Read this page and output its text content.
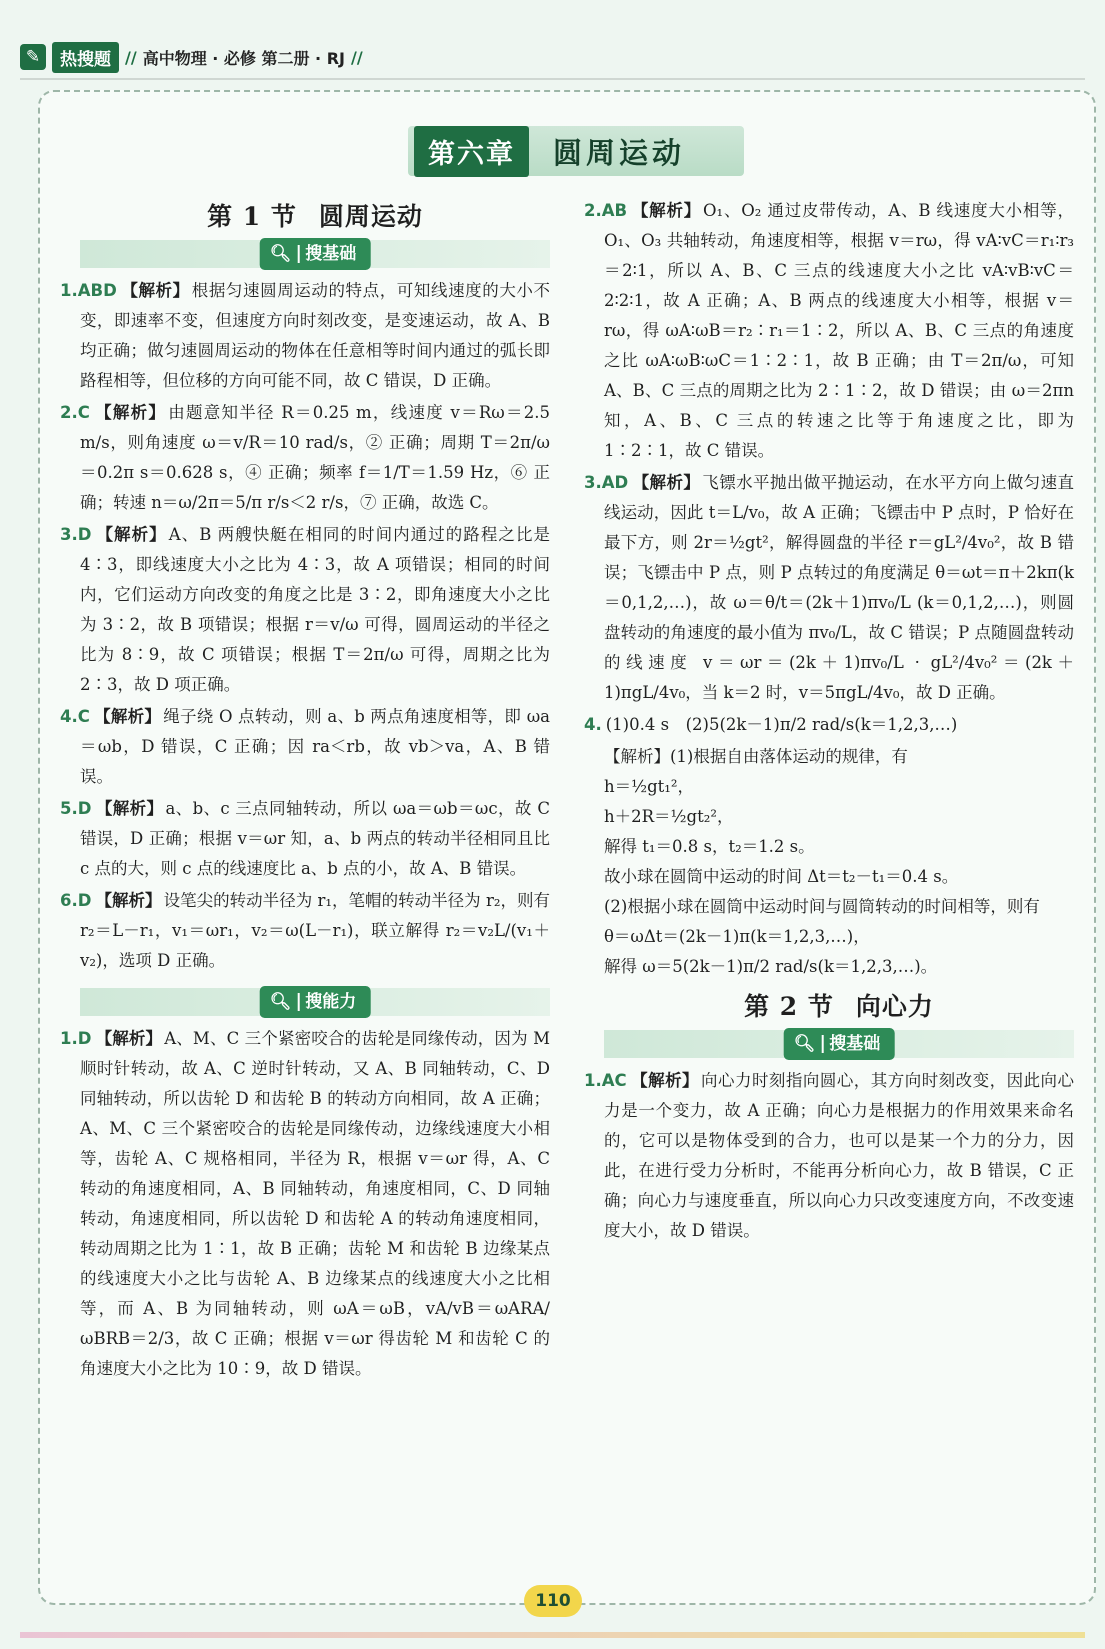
✎	热搜题 // 高中物理 · 必修 第二册 · RJ //
第六章	圆周运动
第 1 节 圆周运动
🔍︎ 搜基础
1.ABD 【解析】 根据匀速圆周运动的特点，可知线速度的大小不变，即速率不变，但速度方向时刻改变，是变速运动，故 A、B 均正确；做匀速圆周运动的物体在任意相等时间内通过的弧长即路程相等，但位移的方向可能不同，故 C 错误，D 正确。
2.C 【解析】 由题意知半径 R＝0.25 m，线速度 v＝Rω＝2.5 m/s，则角速度 ω＝v/R＝10 rad/s，② 正确；周期 T＝2π/ω＝0.2π s＝0.628 s，④ 正确；频率 f＝1/T＝1.59 Hz，⑥ 正确；转速 n＝ω/2π＝5/π r/s＜2 r/s，⑦ 正确，故选 C。
3.D 【解析】 A、B 两艘快艇在相同的时间内通过的路程之比是 4∶3，即线速度大小之比为 4∶3，故 A 项错误；相同的时间内，它们运动方向改变的角度之比是 3∶2，即角速度大小之比为 3∶2，故 B 项错误；根据 r＝v/ω 可得，圆周运动的半径之比为 8∶9，故 C 项错误；根据 T＝2π/ω 可得，周期之比为 2∶3，故 D 项正确。
4.C 【解析】 绳子绕 O 点转动，则 a、b 两点角速度相等，即 ωa＝ωb，D 错误，C 正确；因 ra＜rb，故 vb＞va，A、B 错误。
5.D 【解析】 a、b、c 三点同轴转动，所以 ωa＝ωb＝ωc，故 C 错误，D 正确；根据 v＝ωr 知，a、b 两点的转动半径相同且比 c 点的大，则 c 点的线速度比 a、b 点的小，故 A、B 错误。
6.D 【解析】 设笔尖的转动半径为 r₁，笔帽的转动半径为 r₂，则有 r₂＝L－r₁，v₁＝ωr₁，v₂＝ω(L－r₁)，联立解得 r₂＝v₂L/(v₁＋v₂)，选项 D 正确。
🔍︎ 搜能力
1.D 【解析】 A、M、C 三个紧密咬合的齿轮是同缘传动，因为 M 顺时针转动，故 A、C 逆时针转动，又 A、B 同轴转动，C、D 同轴转动，所以齿轮 D 和齿轮 B 的转动方向相同，故 A 正确；A、M、C 三个紧密咬合的齿轮是同缘传动，边缘线速度大小相等，齿轮 A、C 规格相同，半径为 R，根据 v＝ωr 得，A、C 转动的角速度相同，A、B 同轴转动，角速度相同，C、D 同轴转动，角速度相同，所以齿轮 D 和齿轮 A 的转动角速度相同，转动周期之比为 1∶1，故 B 正确；齿轮 M 和齿轮 B 边缘某点的线速度大小之比与齿轮 A、B 边缘某点的线速度大小之比相等，而 A、B 为同轴转动，则 ωA＝ωB，vA/vB＝ωARA/ωBRB＝2/3，故 C 正确；根据 v＝ωr 得齿轮 M 和齿轮 C 的角速度大小之比为 10∶9，故 D 错误。
2.AB 【解析】 O₁、O₂ 通过皮带传动，A、B 线速度大小相等，O₁、O₃ 共轴转动，角速度相等，根据 v＝rω，得 vA∶vC＝r₁∶r₃＝2∶1，所以 A、B、C 三点的线速度大小之比 vA∶vB∶vC＝2∶2∶1，故 A 正确；A、B 两点的线速度大小相等，根据 v＝rω，得 ωA∶ωB＝r₂∶r₁＝1∶2，所以 A、B、C 三点的角速度之比 ωA∶ωB∶ωC＝1∶2∶1，故 B 正确；由 T＝2π/ω，可知 A、B、C 三点的周期之比为 2∶1∶2，故 D 错误；由 ω＝2πn 知，A、B、C 三点的转速之比等于角速度之比，即为 1∶2∶1，故 C 错误。
3.AD 【解析】 飞镖水平抛出做平抛运动，在水平方向上做匀速直线运动，因此 t＝L/v₀，故 A 正确；飞镖击中 P 点时，P 恰好在最下方，则 2r＝½gt²，解得圆盘的半径 r＝gL²/4v₀²，故 B 错误；飞镖击中 P 点，则 P 点转过的角度满足 θ＝ωt＝π＋2kπ(k＝0,1,2,…)，故 ω＝θ/t＝(2k＋1)πv₀/L (k＝0,1,2,…)，则圆盘转动的角速度的最小值为 πv₀/L，故 C 错误；P 点随圆盘转动的线速度 v＝ωr＝(2k＋1)πv₀/L · gL²/4v₀²＝(2k＋1)πgL/4v₀，当 k＝2 时，v＝5πgL/4v₀，故 D 正确。
4. (1)0.4 s　(2)5(2k－1)π/2 rad/s(k＝1,2,3,…)
【解析】(1)根据自由落体运动的规律，有
h＝½gt₁²，
h＋2R＝½gt₂²，
解得 t₁＝0.8 s，t₂＝1.2 s。
故小球在圆筒中运动的时间 Δt＝t₂－t₁＝0.4 s。
(2)根据小球在圆筒中运动时间与圆筒转动的时间相等，则有
θ＝ωΔt＝(2k－1)π(k＝1,2,3,…)，
解得 ω＝5(2k－1)π/2 rad/s(k＝1,2,3,…)。
第 2 节 向心力
🔍︎ 搜基础
1.AC 【解析】 向心力时刻指向圆心，其方向时刻改变，因此向心力是一个变力，故 A 正确；向心力是根据力的作用效果来命名的，它可以是物体受到的合力，也可以是某一个力的分力，因此，在进行受力分析时，不能再分析向心力，故 B 错误，C 正确；向心力与速度垂直，所以向心力只改变速度方向，不改变速度大小，故 D 错误。
110
